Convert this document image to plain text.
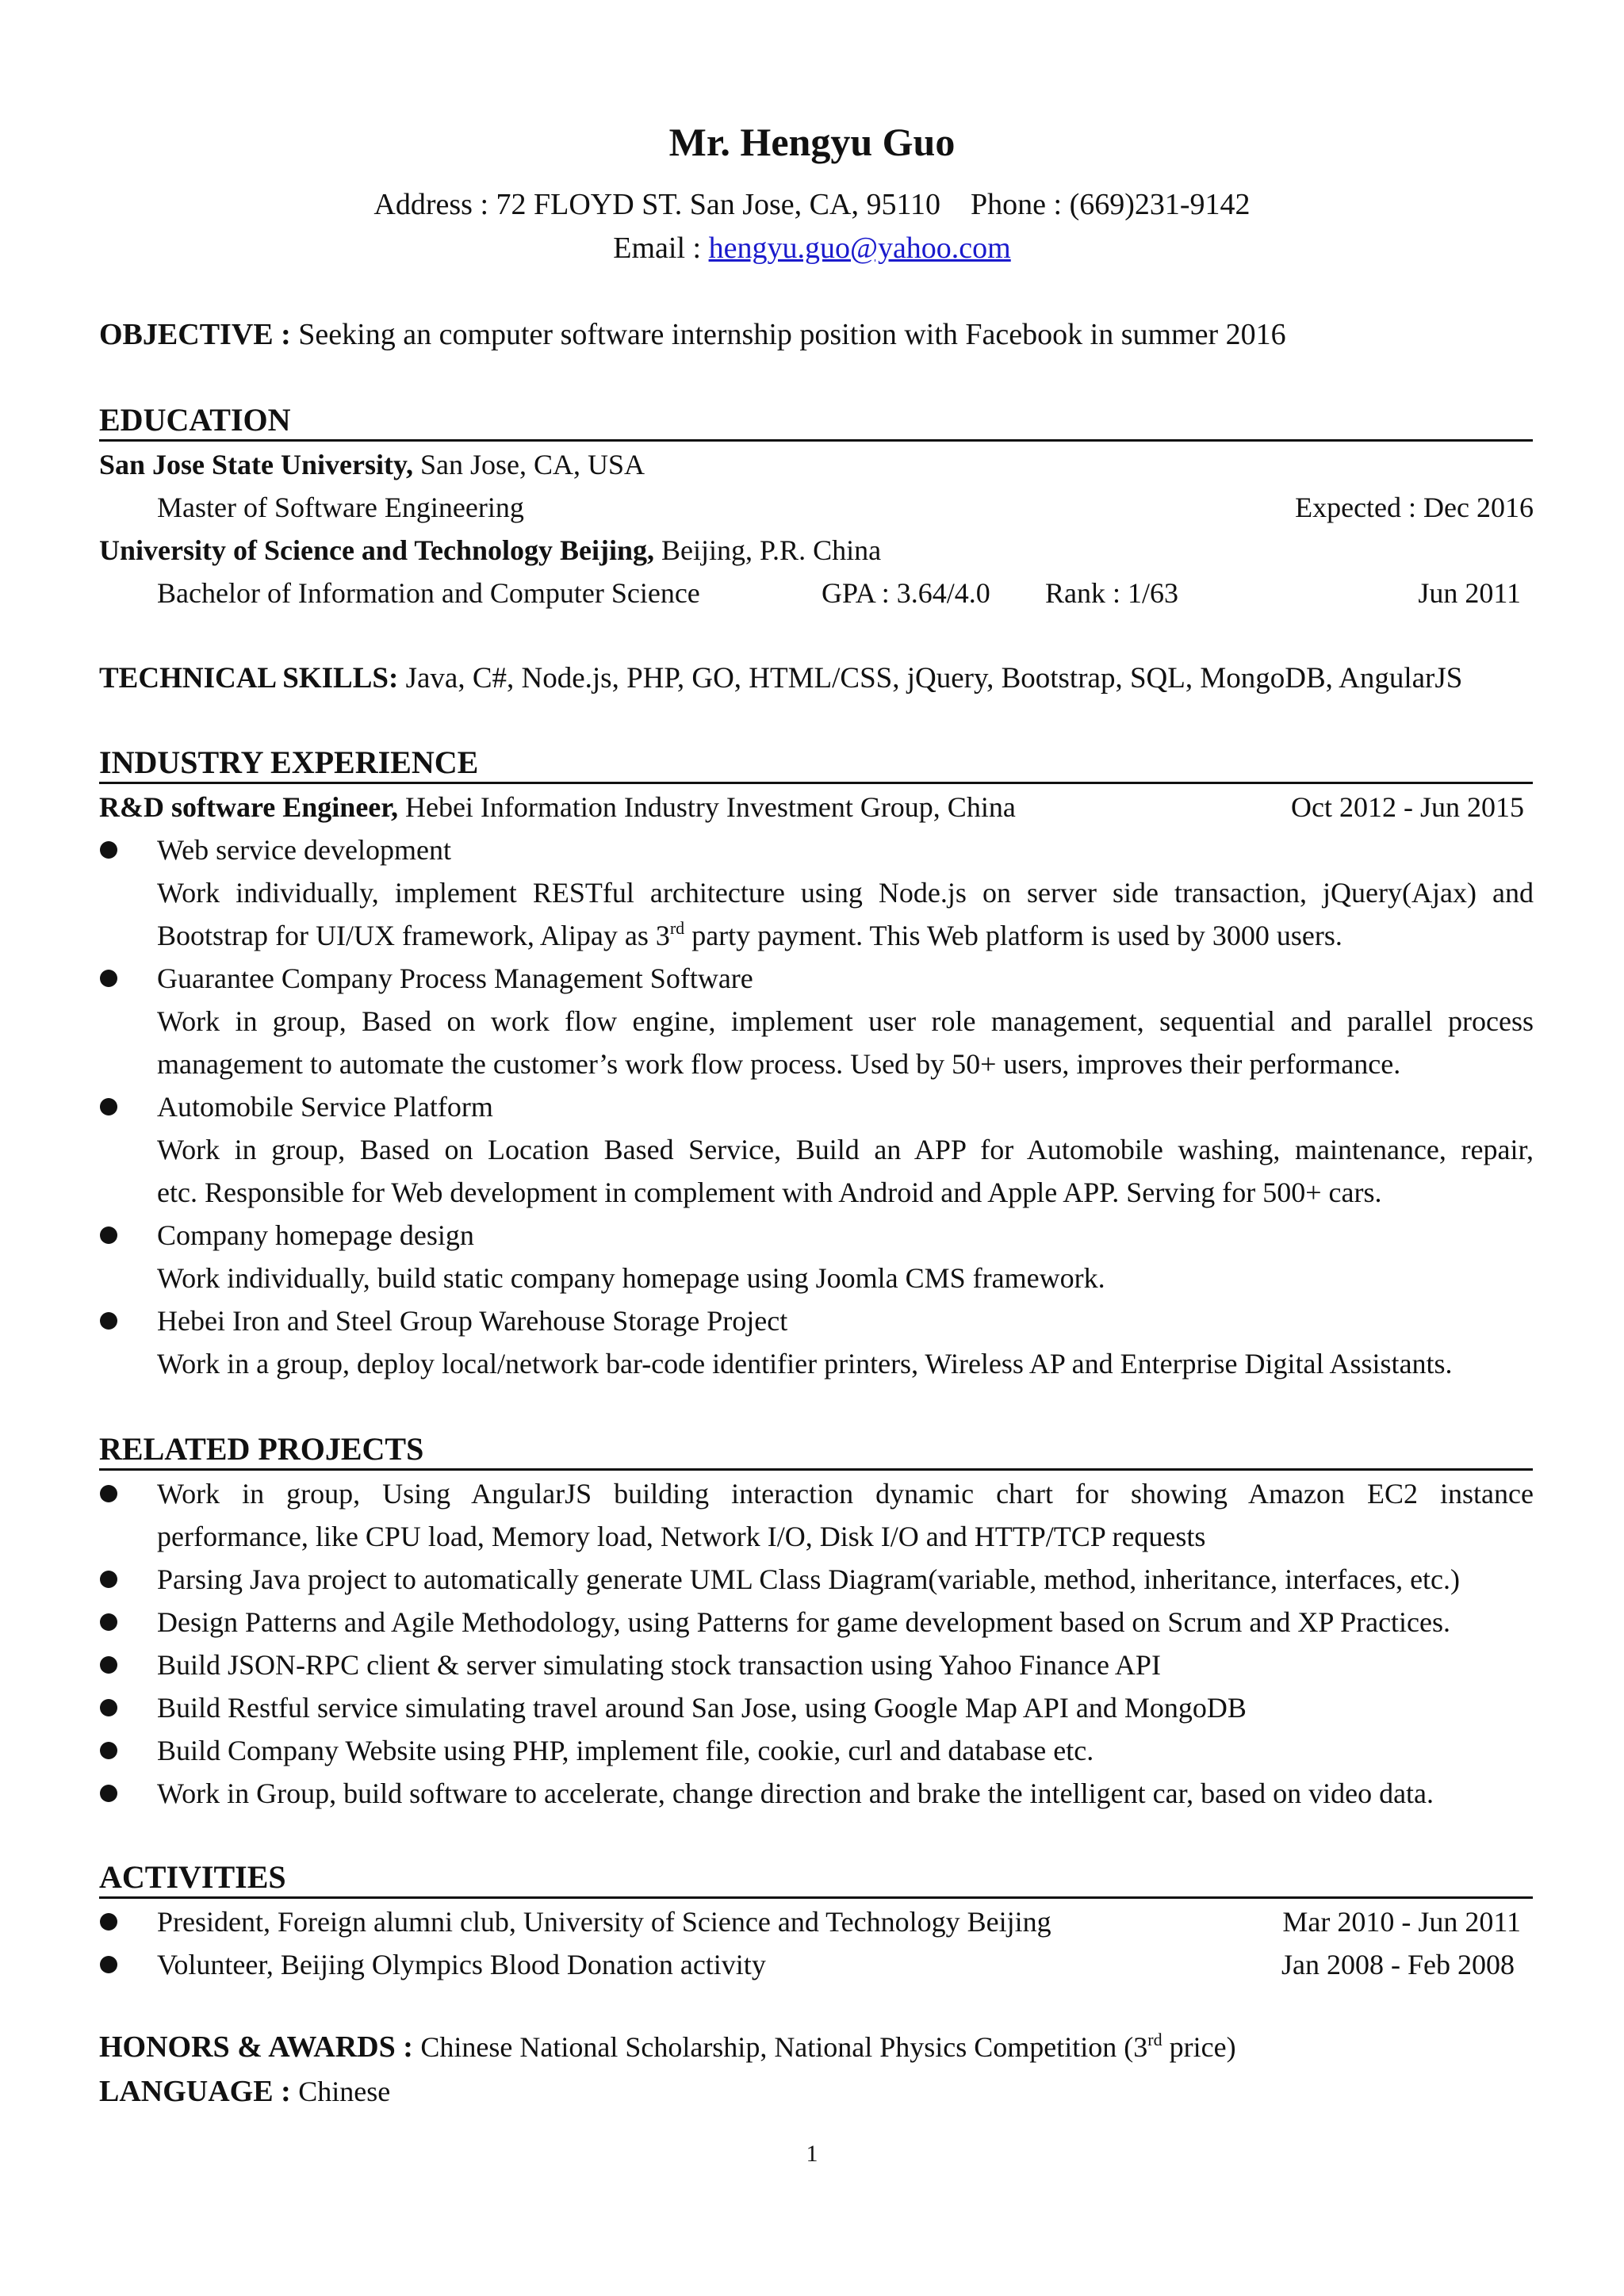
Mr. Hengyu Guo
Address : 72 FLOYD ST. San Jose, CA, 95110    Phone : (669)231-9142
Email : hengyu.guo@yahoo.com
OBJECTIVE : Seeking an computer software internship position with Facebook in summer 2016
EDUCATION
San Jose State University, San Jose, CA, USA
Master of Software Engineering	Expected : Dec 2016
University of Science and Technology Beijing, Beijing, P.R. China
Bachelor of Information and Computer Science	GPA : 3.64/4.0 Rank : 1/63	Jun 2011
TECHNICAL SKILLS: Java, C#, Node.js, PHP, GO, HTML/CSS, jQuery, Bootstrap, SQL, MongoDB, AngularJS
INDUSTRY EXPERIENCE
R&D software Engineer, Hebei Information Industry Investment Group, China	Oct 2012 - Jun 2015
Web service development
Work individually, implement RESTful architecture using Node.js on server side transaction, jQuery(Ajax) and
Bootstrap for UI/UX framework, Alipay as 3rd party payment. This Web platform is used by 3000 users.
Guarantee Company Process Management Software
Work in group, Based on work flow engine, implement user role management, sequential and parallel process
management to automate the customer’s work flow process. Used by 50+ users, improves their performance.
Automobile Service Platform
Work in group, Based on Location Based Service, Build an APP for Automobile washing, maintenance, repair,
etc. Responsible for Web development in complement with Android and Apple APP. Serving for 500+ cars.
Company homepage design
Work individually, build static company homepage using Joomla CMS framework.
Hebei Iron and Steel Group Warehouse Storage Project
Work in a group, deploy local/network bar-code identifier printers, Wireless AP and Enterprise Digital Assistants.
RELATED PROJECTS
Work in group, Using AngularJS building interaction dynamic chart for showing Amazon EC2 instance
performance, like CPU load, Memory load, Network I/O, Disk I/O and HTTP/TCP requests
Parsing Java project to automatically generate UML Class Diagram(variable, method, inheritance, interfaces, etc.)
Design Patterns and Agile Methodology, using Patterns for game development based on Scrum and XP Practices.
Build JSON-RPC client & server simulating stock transaction using Yahoo Finance API
Build Restful service simulating travel around San Jose, using Google Map API and MongoDB
Build Company Website using PHP, implement file, cookie, curl and database etc.
Work in Group, build software to accelerate, change direction and brake the intelligent car, based on video data.
ACTIVITIES
President, Foreign alumni club, University of Science and Technology Beijing	Mar 2010 - Jun 2011
Volunteer, Beijing Olympics Blood Donation activity	Jan 2008 - Feb 2008
HONORS & AWARDS : Chinese National Scholarship, National Physics Competition (3rd price)
LANGUAGE : Chinese
1
